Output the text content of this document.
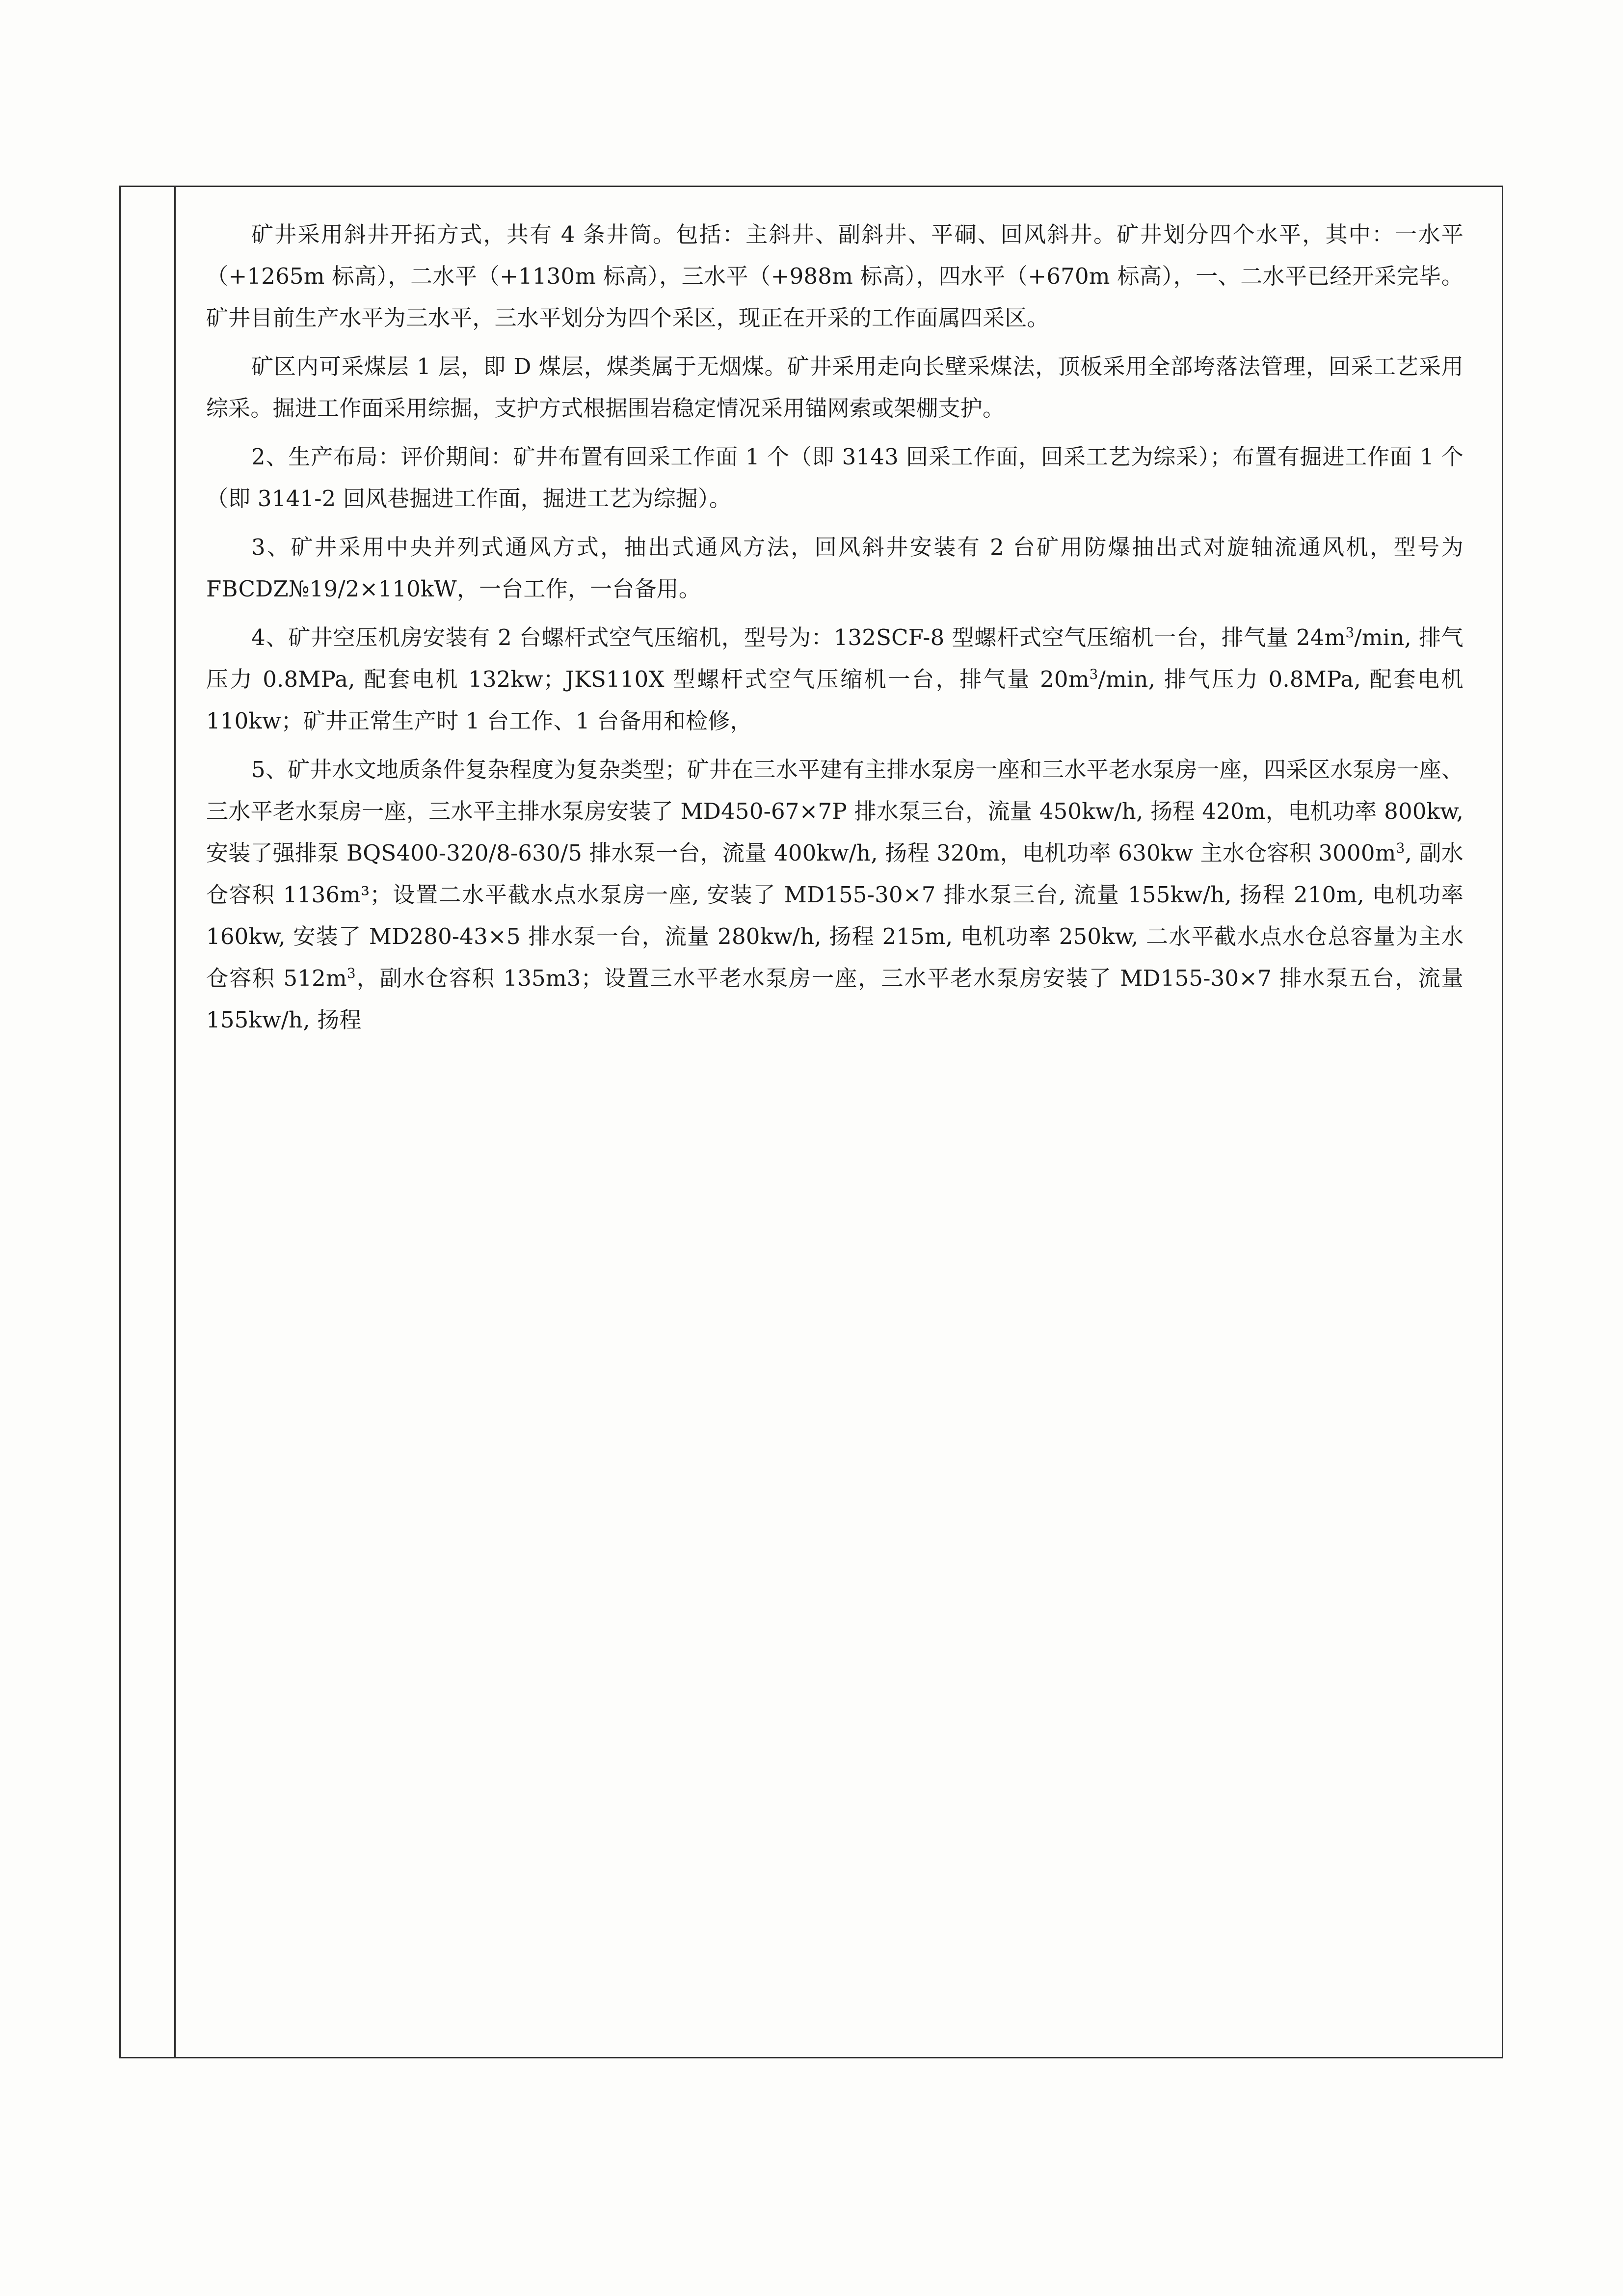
矿井采用斜井开拓方式，共有 4 条井筒。包括：主斜井、副斜井、平硐、回风斜井。矿井划分四个水平，其中：一水平（+1265m 标高），二水平（+1130m 标高），三水平（+988m 标高），四水平（+670m 标高），一、二水平已经开采完毕。矿井目前生产水平为三水平，三水平划分为四个采区，现正在开采的工作面属四采区。

矿区内可采煤层 1 层，即 D 煤层，煤类属于无烟煤。矿井采用走向长壁采煤法，顶板采用全部垮落法管理，回采工艺采用综采。掘进工作面采用综掘，支护方式根据围岩稳定情况采用锚网索或架棚支护。

2、生产布局：评价期间：矿井布置有回采工作面 1 个（即 3143 回采工作面，回采工艺为综采）；布置有掘进工作面 1 个（即 3141-2 回风巷掘进工作面，掘进工艺为综掘）。

3、矿井采用中央并列式通风方式，抽出式通风方法，回风斜井安装有 2 台矿用防爆抽出式对旋轴流通风机，型号为 FBCDZ№19/2×110kW，一台工作，一台备用。

4、矿井空压机房安装有 2 台螺杆式空气压缩机，型号为：132SCF-8 型螺杆式空气压缩机一台，排气量 $24m^3/\min$, 排气压力 0.8MPa, 配套电机 132kw；JKS110X 型螺杆式空气压缩机一台，排气量 $20m^3/\min$, 排气压力 0.8MPa, 配套电机 110kw；矿井正常生产时 1 台工作、1 台备用和检修，

5、矿井水文地质条件复杂程度为复杂类型；矿井在三水平建有主排水泵房一座和三水平老水泵房一座，四采区水泵房一座、三水平老水泵房一座，三水平主排水泵房安装了 MD450-67×7P 排水泵三台，流量 450kw/h, 扬程 420m，电机功率 800kw, 安装了强排泵 BQS400-320/8-630/5 排水泵一台，流量 400kw/h, 扬程 320m，电机功率 630kw 主水仓容积 $3000m^3$, 副水仓容积 1136m³；设置二水平截水点水泵房一座, 安装了 MD155-30×7 排水泵三台, 流量 155kw/h, 扬程 210m, 电机功率 160kw, 安装了 MD280-43×5 排水泵一台，流量 280kw/h, 扬程 215m, 电机功率 250kw, 二水平截水点水仓总容量为主水仓容积 $512m^3$，副水仓容积 135m3；设置三水平老水泵房一座，三水平老水泵房安装了 MD155-30×7 排水泵五台，流量 155kw/h, 扬程
